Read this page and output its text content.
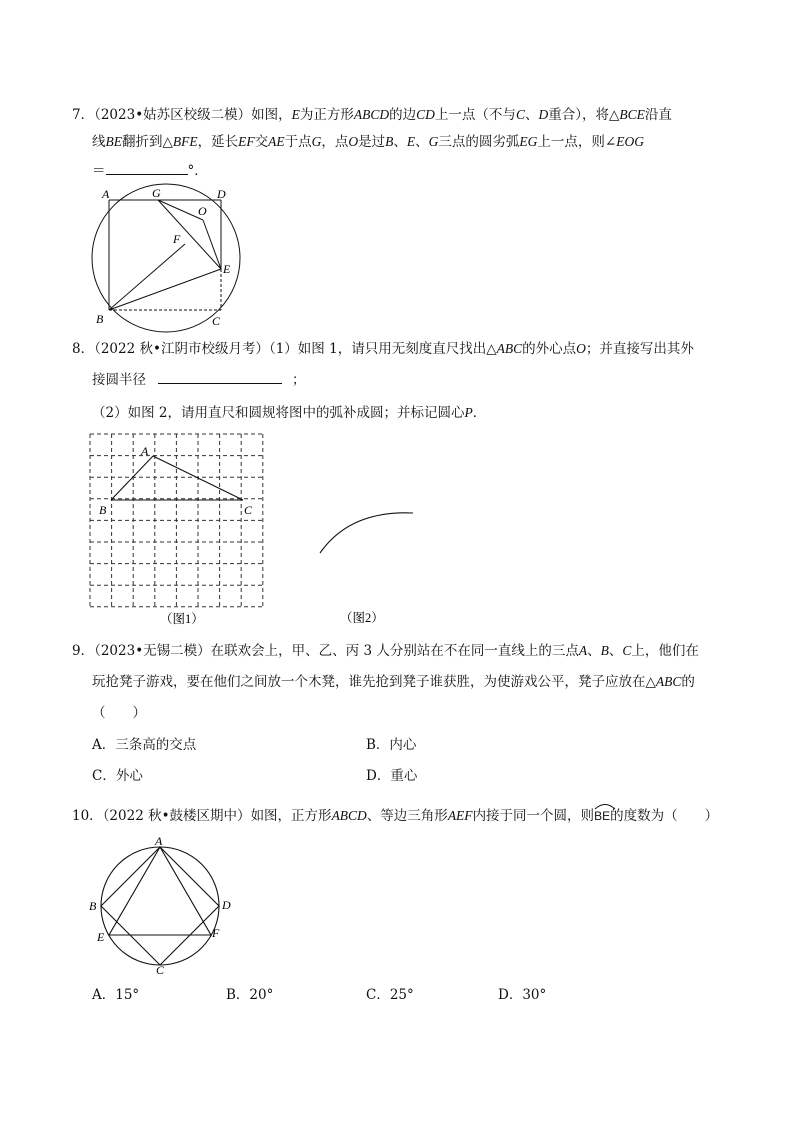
7．（2023•姑苏区校级二模）如图，E为正方形ABCD的边CD上一点（不与C、D重合），将△BCE沿直
线BE翻折到△BFE，延长EF交AE于点G，点O是过B、E、G三点的圆劣弧EG上一点，则∠EOG
＝	°．
A	G	D
O
F
E
B	C
8．（2022 秋•江阴市校级月考）（1）如图 1，请只用无刻度直尺找出△ABC的外心点O；并直接写出其外
接圆半径	；
（2）如图 2，请用直尺和圆规将图中的弧补成圆；并标记圆心P．
A
B	C
（图1）	（图2）
9．（2023•无锡二模）在联欢会上，甲、乙、丙 3 人分别站在不在同一直线上的三点A、B、C上，他们在
玩抢凳子游戏，要在他们之间放一个木凳，谁先抢到凳子谁获胜，为使游戏公平，凳子应放在△ABC的
（　　）
A．三条高的交点	B．内心
C．外心	D．重心
10．（2022 秋•鼓楼区期中）如图，正方形ABCD、等边三角形AEF内接于同一个圆，则
BE的度数为（　　）
A
B	D
E	F
C
A．15°	B．20°	C．25°	D．30°
